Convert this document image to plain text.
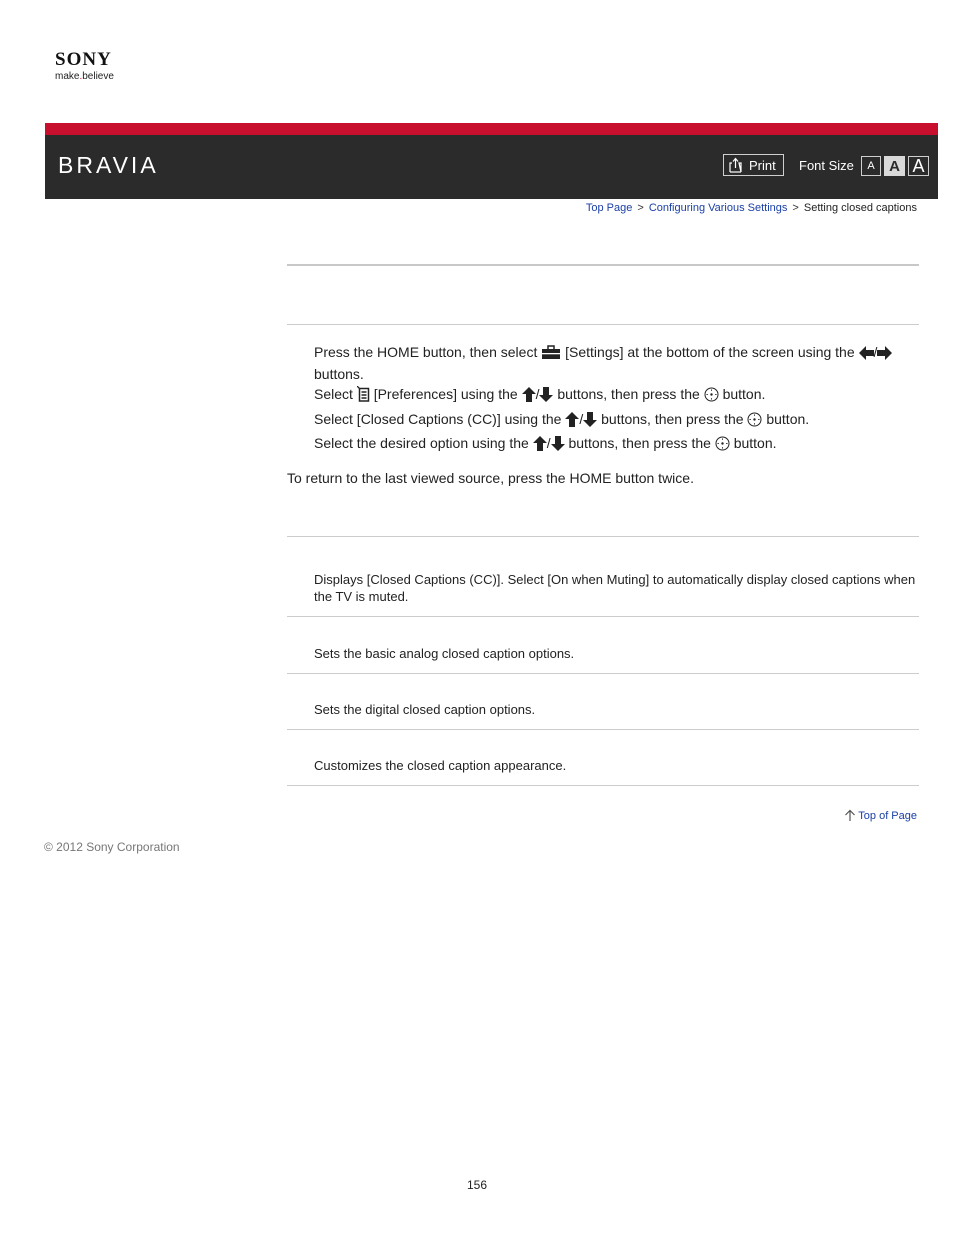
SONY
make.believe
BRAVIA	Print Font Size	A A A
Top Page > Configuring Various Settings > Setting closed captions
Press the HOME button, then select  [Settings] at the bottom of the screen using the /
buttons.
Select  [Preferences] using the / buttons, then press the  button.
Select [Closed Captions (CC)] using the / buttons, then press the  button.
Select the desired option using the / buttons, then press the  button.
To return to the last viewed source, press the HOME button twice.
Displays [Closed Captions (CC)]. Select [On when Muting] to automatically display closed captions when the TV is muted.
Sets the basic analog closed caption options.
Sets the digital closed caption options.
Customizes the closed caption appearance.
Top of Page
© 2012 Sony Corporation
156
